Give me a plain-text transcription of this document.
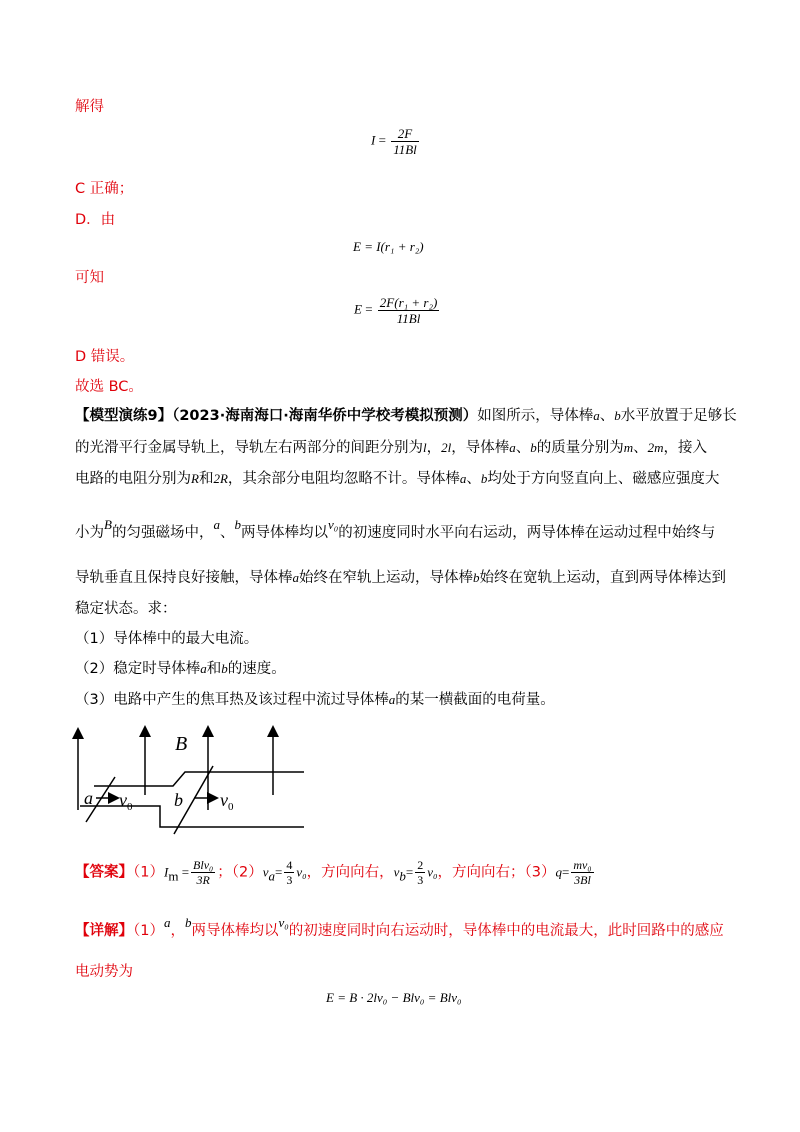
解得
$I = \frac{2F}{11Bl}$
C 正确；
D．由
E = I(r₁ + r₂)
可知
$E = \frac{\text{2F(r₁ + r₂)}}{11Bl}$
D 错误。
故选 BC。
【模型演练9】（2023·海南海口·海南华侨中学校考模拟预测）如图所示，导体棒a、b水平放置于足够长
的光滑平行金属导轨上，导轨左右两部分的间距分别为l，2l，导体棒a、b的质量分别为m、2m，接入
电路的电阻分别为R和2R，其余部分电阻均忽略不计。导体棒a、b均处于方向竖直向上、磁感应强度大
小为B的匀强磁场中，a、b两导体棒均以v₀的初速度同时水平向右运动，两导体棒在运动过程中始终与
导轨垂直且保持良好接触，导体棒a始终在窄轨上运动，导体棒b始终在宽轨上运动，直到两导体棒达到
稳定状态。求：
（1）导体棒中的最大电流。
（2）稳定时导体棒a和b的速度。
（3）电路中产生的焦耳热及该过程中流过导体棒a的某一横截面的电荷量。
B
a	b
$v_0$	$v_0$
【答案】$(1)I_m = \frac{\text{Blv₀}}{3R}$ ；$(2)v_a= \frac{4}{3} v_0$，方向向右，$v_b= \frac{2}{3} v_0$，方向向右；$(3)q= \frac{\text{mv₀}}{3Bl}$
【详解】（1）a，b两导体棒均以v₀的初速度同时向右运动时，导体棒中的电流最大，此时回路中的感应
电动势为
E = B · 2lv₀ − Blv₀ = Blv₀
